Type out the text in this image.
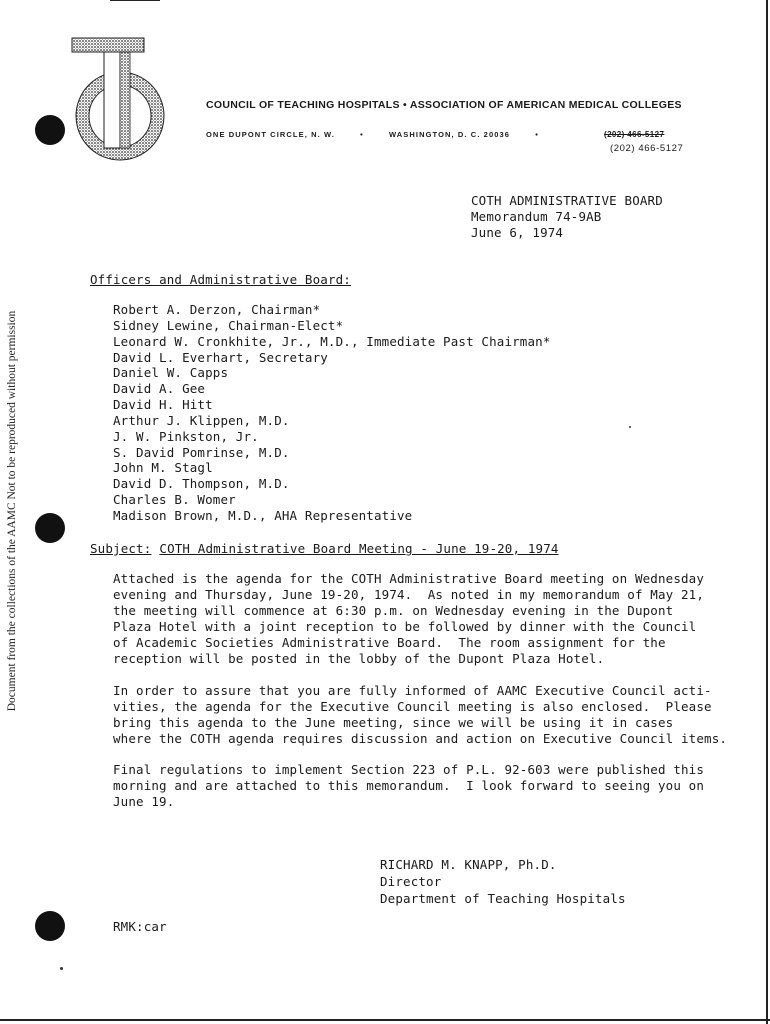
Document from the collections of the AAMC Not to be reproduced without permission
COUNCIL OF TEACHING HOSPITALS • ASSOCIATION OF AMERICAN MEDICAL COLLEGES
ONE DUPONT CIRCLE, N. W.	•	WASHINGTON, D. C. 20036	•	(202) 466-5127
(202) 466-5127
COTH ADMINISTRATIVE BOARD
Memorandum 74-9AB
June 6, 1974
Officers and Administrative Board:
Robert A. Derzon, Chairman*
Sidney Lewine, Chairman-Elect*
Leonard W. Cronkhite, Jr., M.D., Immediate Past Chairman*
David L. Everhart, Secretary
Daniel W. Capps
David A. Gee
David H. Hitt
Arthur J. Klippen, M.D.
J. W. Pinkston, Jr.
S. David Pomrinse, M.D.
John M. Stagl
David D. Thompson, M.D.
Charles B. Womer
Madison Brown, M.D., AHA Representative
Subject: COTH Administrative Board Meeting - June 19-20, 1974
Attached is the agenda for the COTH Administrative Board meeting on Wednesday
evening and Thursday, June 19-20, 1974.  As noted in my memorandum of May 21,
the meeting will commence at 6:30 p.m. on Wednesday evening in the Dupont
Plaza Hotel with a joint reception to be followed by dinner with the Council
of Academic Societies Administrative Board.  The room assignment for the
reception will be posted in the lobby of the Dupont Plaza Hotel.
In order to assure that you are fully informed of AAMC Executive Council acti-
vities, the agenda for the Executive Council meeting is also enclosed.  Please
bring this agenda to the June meeting, since we will be using it in cases
where the COTH agenda requires discussion and action on Executive Council items.
Final regulations to implement Section 223 of P.L. 92-603 were published this
morning and are attached to this memorandum.  I look forward to seeing you on
June 19.
RICHARD M. KNAPP, Ph.D.
Director
Department of Teaching Hospitals
RMK:car
